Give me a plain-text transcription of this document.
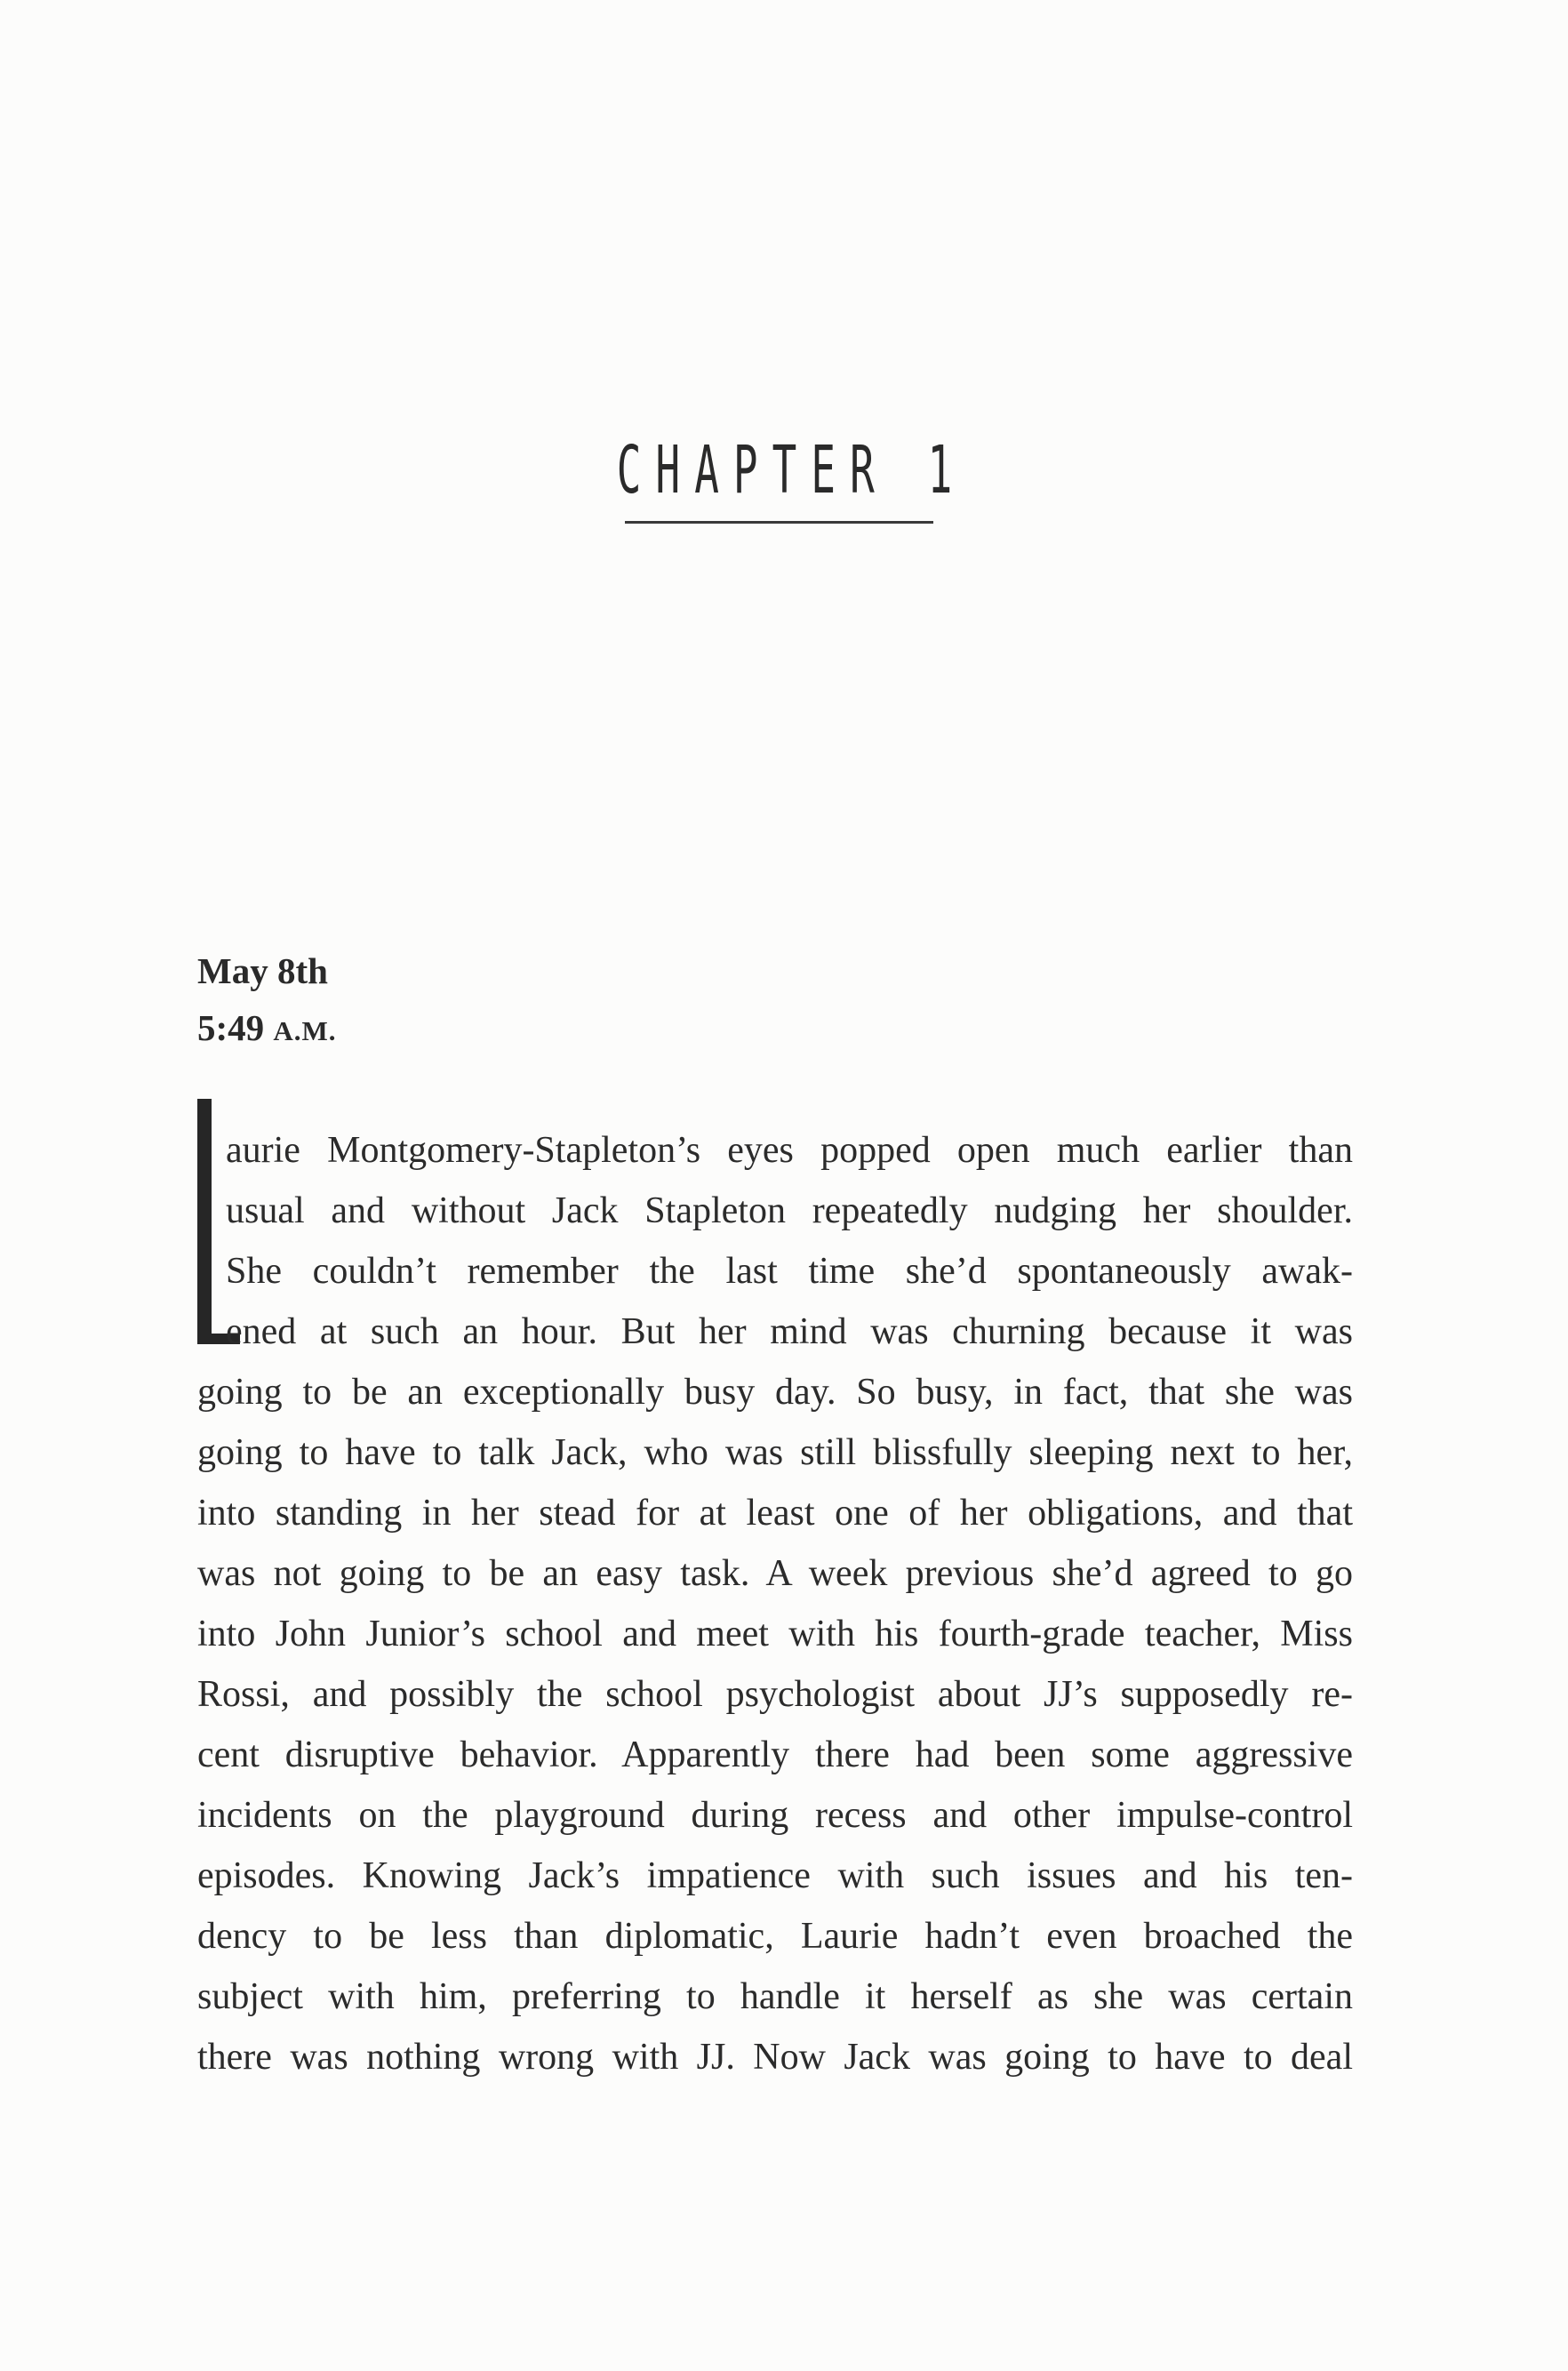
CHAPTER 1
May 8th
5:49 A.M.
aurie Montgomery-Stapleton’s eyes popped open much earlier than
usual and without Jack Stapleton repeatedly nudging her shoulder.
She couldn’t remember the last time she’d spontaneously awak-
ened at such an hour. But her mind was churning because it was
going to be an exceptionally busy day. So busy, in fact, that she was
going to have to talk Jack, who was still blissfully sleeping next to her,
into standing in her stead for at least one of her obligations, and that
was not going to be an easy task. A week previous she’d agreed to go
into John Junior’s school and meet with his fourth-grade teacher, Miss
Rossi, and possibly the school psychologist about JJ’s supposedly re-
cent disruptive behavior. Apparently there had been some aggressive
incidents on the playground during recess and other impulse-control
episodes. Knowing Jack’s impatience with such issues and his ten-
dency to be less than diplomatic, Laurie hadn’t even broached the
subject with him, preferring to handle it herself as she was certain
there was nothing wrong with JJ. Now Jack was going to have to deal
